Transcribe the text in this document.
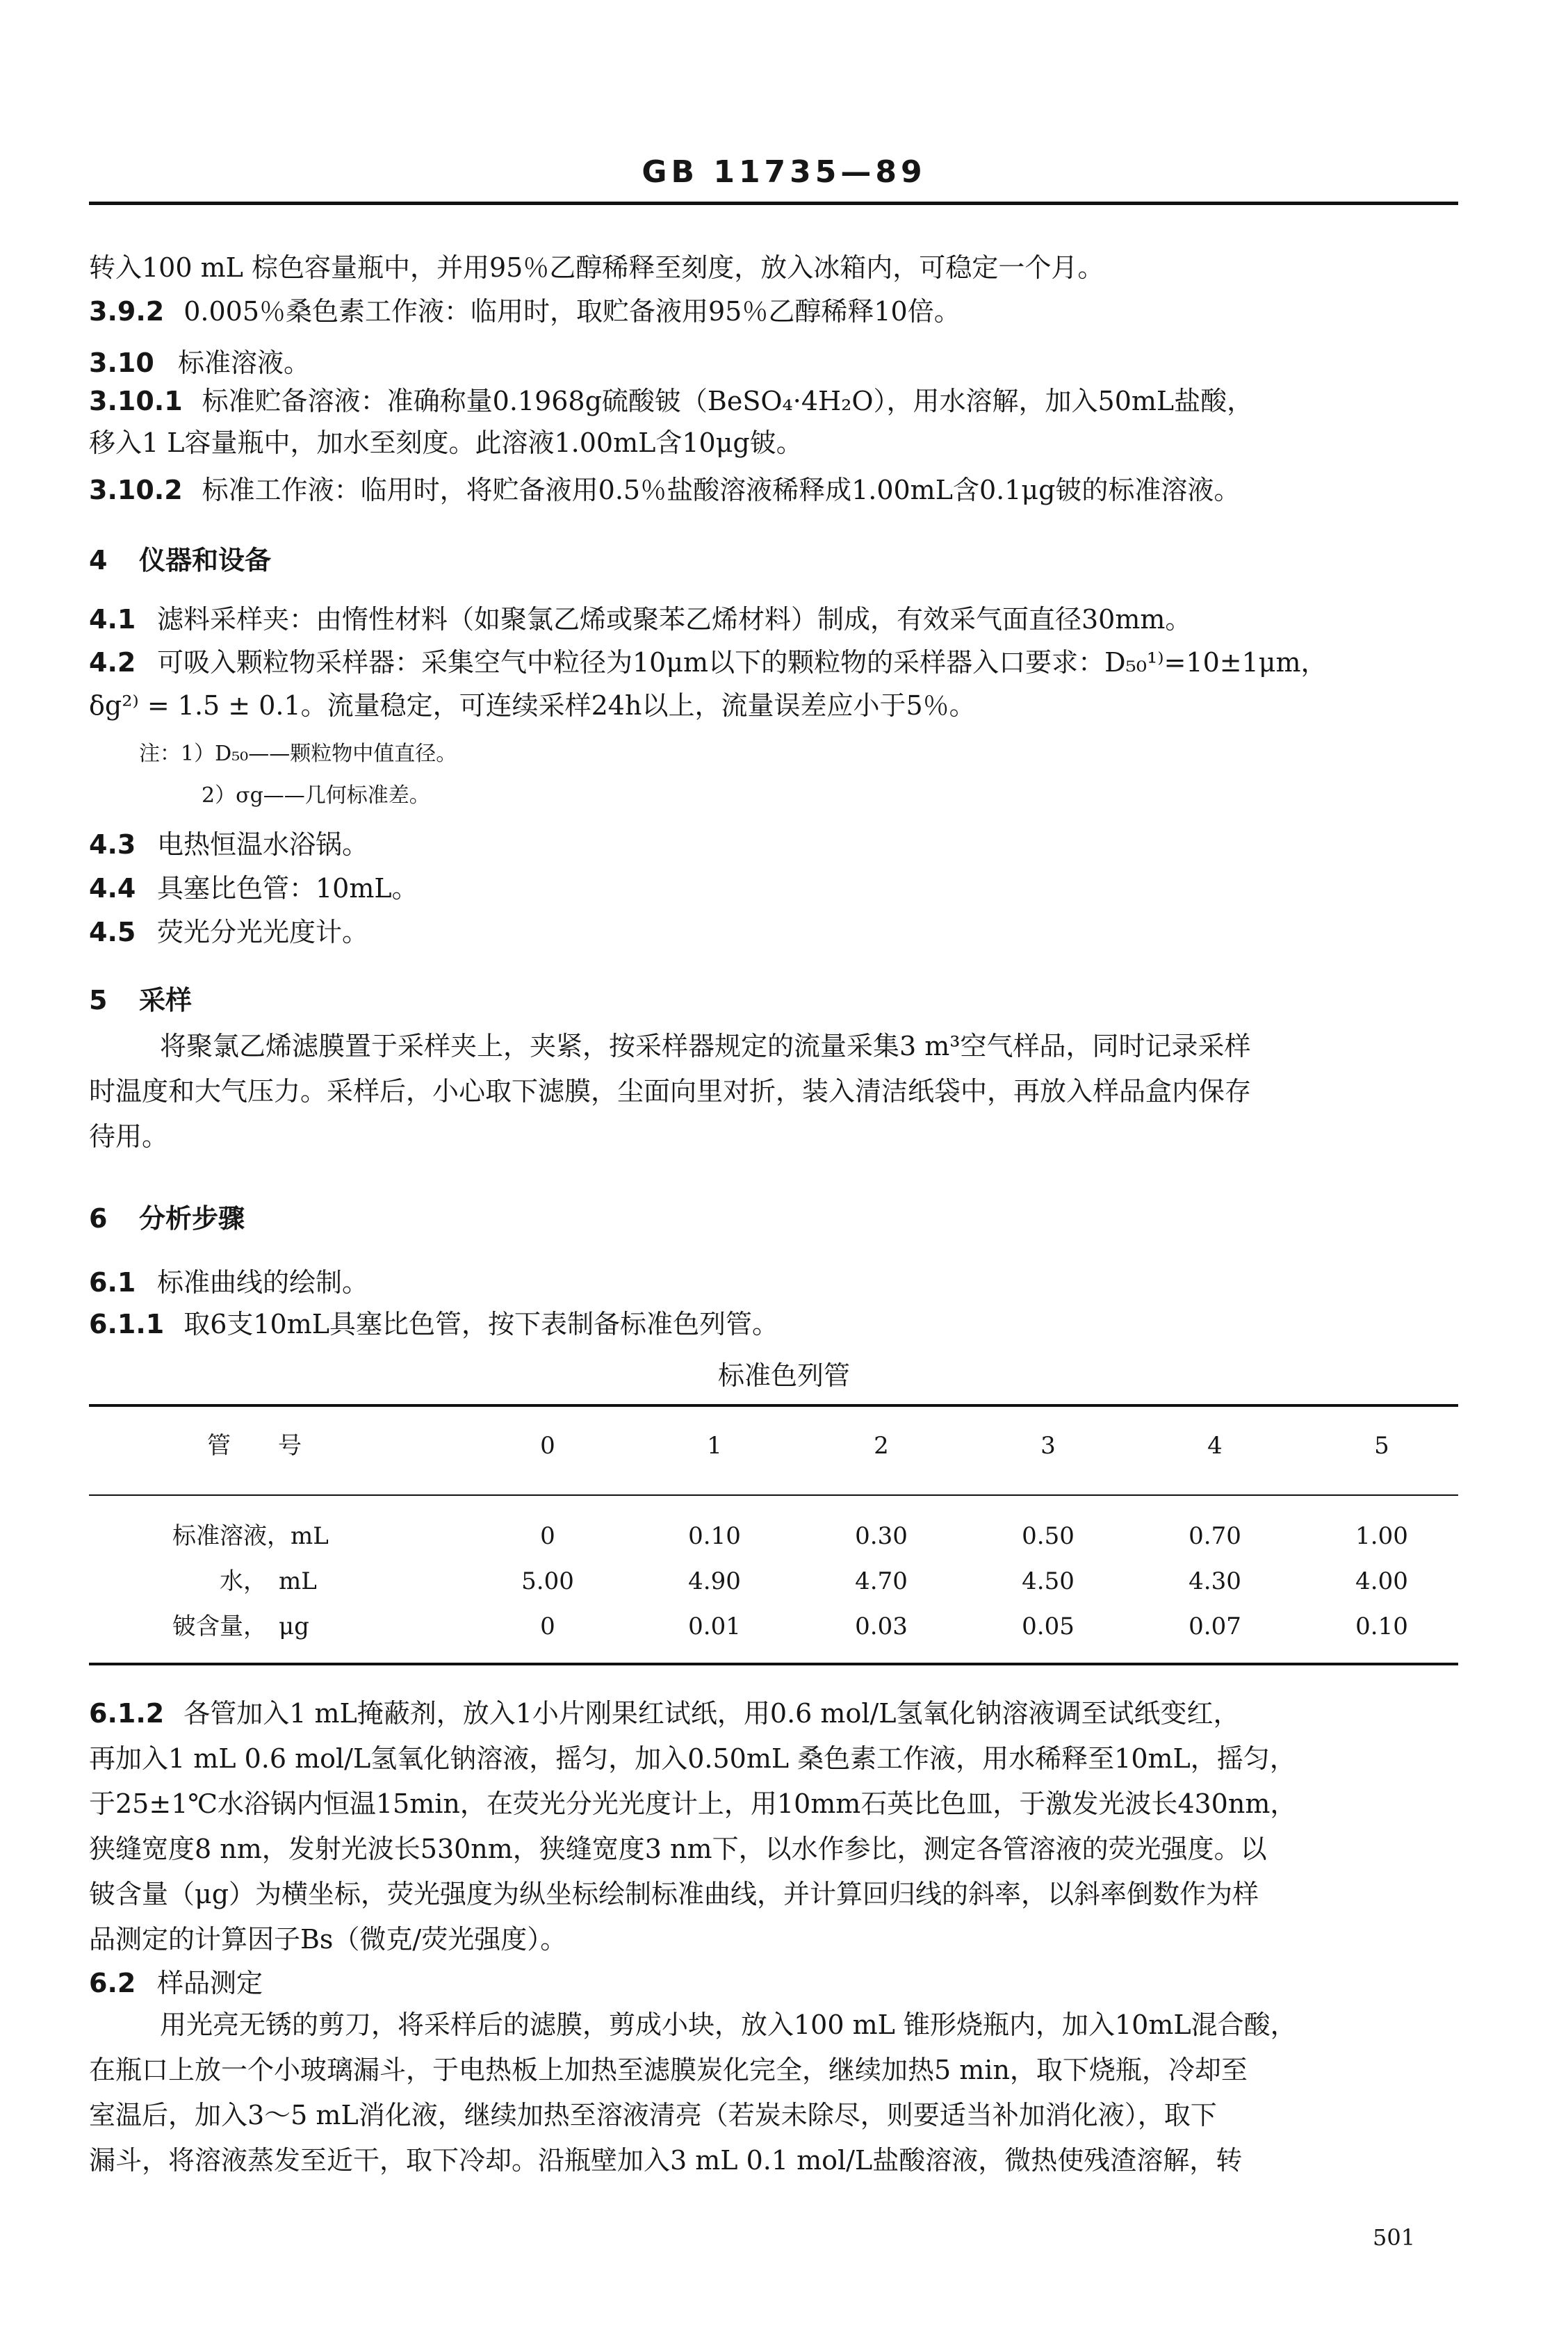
GB 11735—89
转入100 mL 棕色容量瓶中，并用95％乙醇稀释至刻度，放入冰箱内，可稳定一个月。
3.9.2 0.005％桑色素工作液：临用时，取贮备液用95％乙醇稀释10倍。
3.10 标准溶液。
3.10.1 标准贮备溶液：准确称量0.1968g硫酸铍（BeSO₄·4H₂O），用水溶解，加入50mL盐酸，
移入1 L容量瓶中，加水至刻度。此溶液1.00mL含10μg铍。
3.10.2 标准工作液：临用时，将贮备液用0.5％盐酸溶液稀释成1.00mL含0.1μg铍的标准溶液。
4 仪器和设备
4.1 滤料采样夹：由惰性材料（如聚氯乙烯或聚苯乙烯材料）制成，有效采气面直径30mm。
4.2 可吸入颗粒物采样器：采集空气中粒径为10μm以下的颗粒物的采样器入口要求：D₅₀¹⁾=10±1μm，
δg²⁾ = 1.5 ± 0.1。流量稳定，可连续采样24h以上，流量误差应小于5％。
注：1）D₅₀——颗粒物中值直径。
2）σg——几何标准差。
4.3 电热恒温水浴锅。
4.4 具塞比色管：10mL。
4.5 荧光分光光度计。
5 采样
将聚氯乙烯滤膜置于采样夹上，夹紧，按采样器规定的流量采集3 m³空气样品，同时记录采样
时温度和大气压力。采样后，小心取下滤膜，尘面向里对折，装入清洁纸袋中，再放入样品盒内保存
待用。
6 分析步骤
6.1 标准曲线的绘制。
6.1.1 取6支10mL具塞比色管，按下表制备标准色列管。
标准色列管
管　　号	0	1	2	3	4	5
标准溶液，mL	0	0.10	0.30	0.50	0.70	1.00
　　水，　mL	5.00	4.90	4.70	4.50	4.30	4.00
铍含量，　μg	0	0.01	0.03	0.05	0.07	0.10
6.1.2 各管加入1 mL掩蔽剂，放入1小片刚果红试纸，用0.6 mol/L氢氧化钠溶液调至试纸变红，
再加入1 mL 0.6 mol/L氢氧化钠溶液，摇匀，加入0.50mL 桑色素工作液，用水稀释至10mL，摇匀，
于25±1℃水浴锅内恒温15min，在荧光分光光度计上，用10mm石英比色皿，于激发光波长430nm，
狭缝宽度8 nm，发射光波长530nm，狭缝宽度3 nm下，以水作参比，测定各管溶液的荧光强度。以
铍含量（μg）为横坐标，荧光强度为纵坐标绘制标准曲线，并计算回归线的斜率，以斜率倒数作为样
品测定的计算因子Bs（微克/荧光强度）。
6.2 样品测定
用光亮无锈的剪刀，将采样后的滤膜，剪成小块，放入100 mL 锥形烧瓶内，加入10mL混合酸，
在瓶口上放一个小玻璃漏斗，于电热板上加热至滤膜炭化完全，继续加热5 min，取下烧瓶，冷却至
室温后，加入3～5 mL消化液，继续加热至溶液清亮（若炭未除尽，则要适当补加消化液），取下
漏斗，将溶液蒸发至近干，取下冷却。沿瓶壁加入3 mL 0.1 mol/L盐酸溶液，微热使残渣溶解，转
501
